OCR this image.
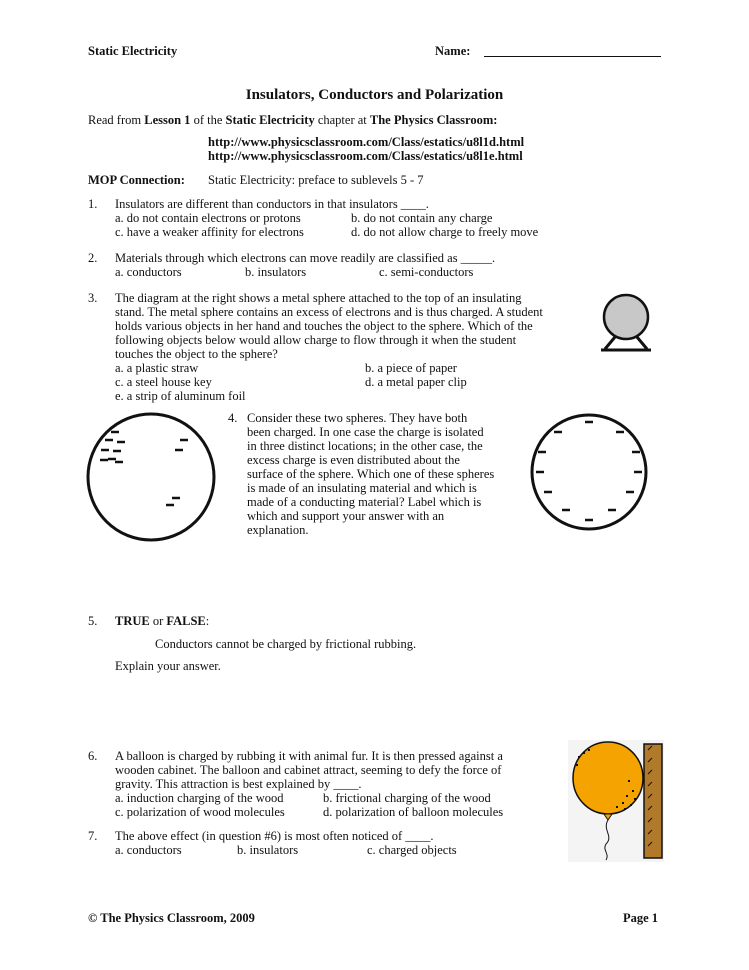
Static Electricity	Name:
Insulators, Conductors and Polarization
Read from Lesson 1 of the Static Electricity chapter at The Physics Classroom:
http://www.physicsclassroom.com/Class/estatics/u8l1d.html
http://www.physicsclassroom.com/Class/estatics/u8l1e.html
MOP Connection: Static Electricity: preface to sublevels 5 - 7
1. Insulators are different than conductors in that insulators ____.
a. do not contain electrons or protons	b. do not contain any charge
c. have a weaker affinity for electrons	d. do not allow charge to freely move
2. Materials through which electrons can move readily are classified as _____.
a. conductors	b. insulators	c. semi-conductors
3. The diagram at the right shows a metal sphere attached to the top of an insulating
stand. The metal sphere contains an excess of electrons and is thus charged. A student
holds various objects in her hand and touches the object to the sphere. Which of the
following objects below would allow charge to flow through it when the student
touches the object to the sphere?
a. a plastic straw	b. a piece of paper
c. a steel house key	d. a metal paper clip
e. a strip of aluminum foil
4. Consider these two spheres. They have both
been charged. In one case the charge is isolated
in three distinct locations; in the other case, the
excess charge is even distributed about the
surface of the sphere. Which one of these spheres
is made of an insulating material and which is
made of a conducting material? Label which is
which and support your answer with an
explanation.
5. TRUE or FALSE:
Conductors cannot be charged by frictional rubbing.
Explain your answer.
6. A balloon is charged by rubbing it with animal fur. It is then pressed against a
wooden cabinet. The balloon and cabinet attract, seeming to defy the force of
gravity. This attraction is best explained by ____.
a. induction charging of the wood	b. frictional charging of the wood
c. polarization of wood molecules	d. polarization of balloon molecules
7. The above effect (in question #6) is most often noticed of ____.
a. conductors	b. insulators	c. charged objects
© The Physics Classroom, 2009	Page 1
